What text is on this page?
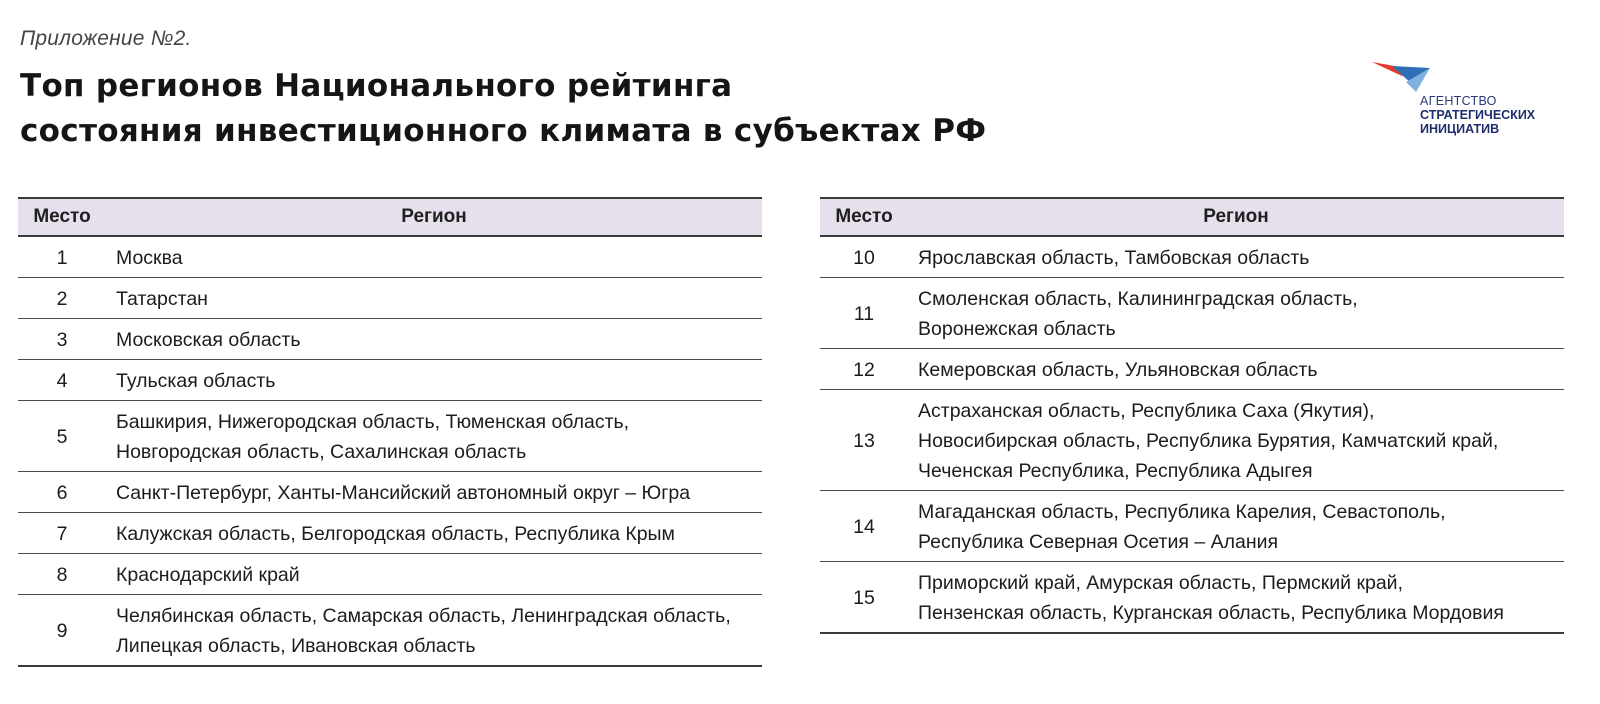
Приложение №2.
Топ регионов Национального рейтинга
состояния инвестиционного климата в субъектах РФ
АГЕНТСТВО
СТРАТЕГИЧЕСКИХ
ИНИЦИАТИВ
Место	Регион
1	Москва

2	Татарстан

3	Московская область

4	Тульская область

5	Башкирия, Нижегородская область, Тюменская область,
Новгородская область, Сахалинская область

6	Санкт-Петербург, Ханты-Мансийский автономный округ – Югра

7	Калужская область, Белгородская область, Республика Крым

8	Краснодарский край

9	Челябинская область, Самарская область, Ленинградская область,
Липецкая область, Ивановская область
Место	Регион
10	Ярославская область, Тамбовская область

11	Смоленская область, Калининградская область,
Воронежская область

12	Кемеровская область, Ульяновская область

13	Астраханская область, Республика Саха (Якутия),
Новосибирская область, Республика Бурятия, Камчатский край,
Чеченская Республика, Республика Адыгея

14	Магаданская область, Республика Карелия, Севастополь,
Республика Северная Осетия – Алания

15	Приморский край, Амурская область, Пермский край,
Пензенская область, Курганская область, Республика Мордовия
